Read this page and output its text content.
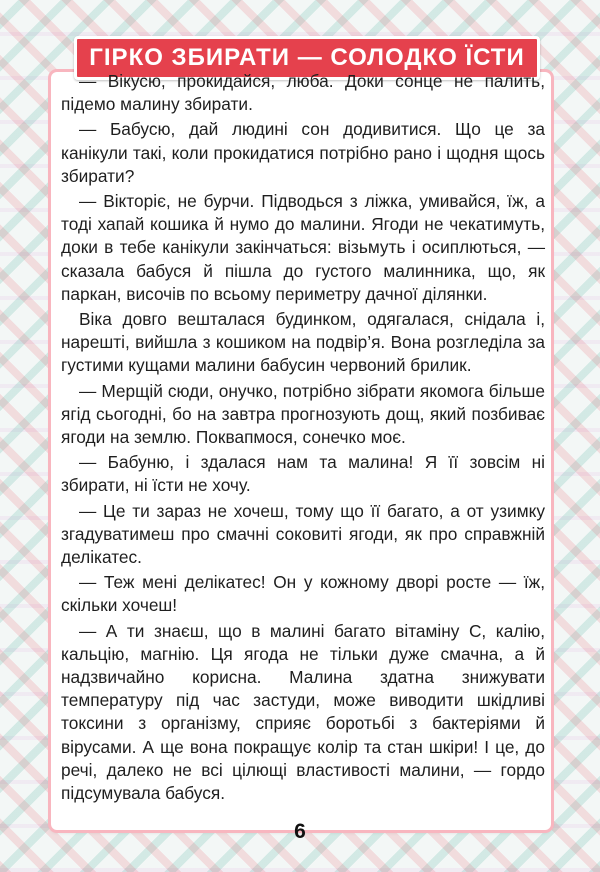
ГІРКО ЗБИРАТИ — СОЛОДКО ЇСТИ

— Вікусю, прокидайся, люба. Доки сонце не палить, підемо малину збирати.

— Бабусю, дай людині сон додивитися. Що це за канікули такі, коли прокидатися потрібно рано і щодня щось збирати?

— Вікторіє, не бурчи. Підводься з ліжка, умивайся, їж, а тоді хапай кошика й нумо до малини. Ягоди не чекатимуть, доки в тебе канікули закінчаться: візьмуть і осиплються, — сказала бабуся й пішла до густого малинника, що, як паркан, височів по всьому периметру дачної ділянки.

Віка довго вешталася будинком, одягалася, снідала і, нарешті, вийшла з кошиком на подвір’я. Вона розгледіла за густими кущами малини бабусин червоний брилик.

— Мерщій сюди, онучко, потрібно зібрати якомога більше ягід сьогодні, бо на завтра прогнозують дощ, який позбиває ягоди на землю. Поквапмося, сонечко моє.

— Бабуню, і здалася нам та малина! Я її зовсім ні збирати, ні їсти не хочу.

— Це ти зараз не хочеш, тому що її багато, а от узимку згадуватимеш про смачні соковиті ягоди, як про справжній делікатес.

— Теж мені делікатес! Он у кожному дворі росте — їж, скільки хочеш!

— А ти знаєш, що в малині багато вітаміну С, калію, кальцію, магнію. Ця ягода не тільки дуже смачна, а й надзвичайно корисна. Малина здатна знижувати температуру під час застуди, може виводити шкідливі токсини з організму, сприяє боротьбі з бактеріями й вірусами. А ще вона покращує колір та стан шкіри! І це, до речі, далеко не всі цілющі властивості малини, — гордо підсумувала бабуся.

6
